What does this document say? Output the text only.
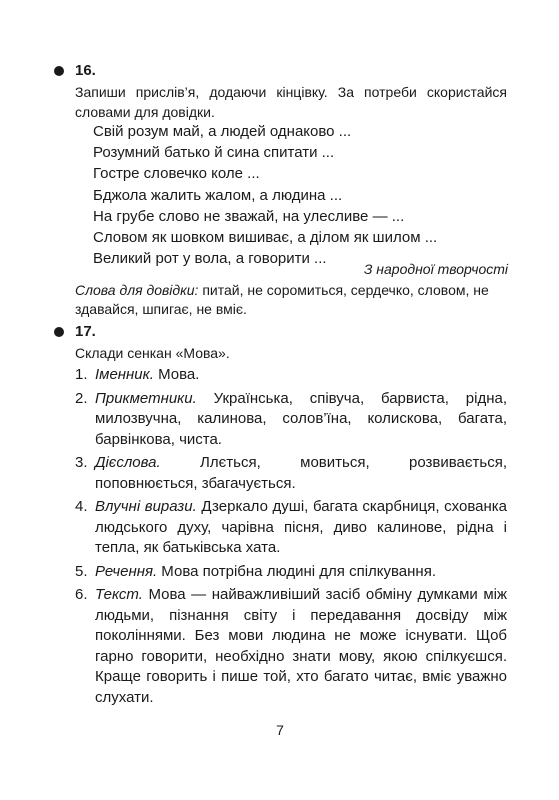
16.
Запиши прислів’я, додаючи кінцівку. За потреби скористайся словами для довідки.
Свій розум май, а людей однаково ...
Розумний батько й сина спитати ...
Гостре словечко коле ...
Бджола жалить жалом, а людина ...
На грубе слово не зважай, на улесливе — ...
Словом як шовком вишиває, а ділом як шилом ...
Великий рот у вола, а говорити ...
З народної творчості
Слова для довідки: питай, не соромиться, сердечко, словом, не здавайся, шпигає, не вміє.
17.
Склади сенкан «Мова».
1. Іменник. Мова.
2. Прикметники. Українська, співуча, барвиста, рідна, милозвучна, калинова, солов’їна, колискова, багата, барвінкова, чиста.
3. Дієслова. Ллється, мовиться, розвивається, поповнюється, збагачується.
4. Влучні вирази. Дзеркало душі, багата скарбниця, схованка людського духу, чарівна пісня, диво калинове, рідна і тепла, як батьківська хата.
5. Речення. Мова потрібна людині для спілкування.
6. Текст. Мова — найважливіший засіб обміну думками між людьми, пізнання світу і передавання досвіду між поколіннями. Без мови людина не може існувати. Щоб гарно говорити, необхідно знати мову, якою спілкуєшся. Краще говорить і пише той, хто багато читає, вміє уважно слухати.
7
